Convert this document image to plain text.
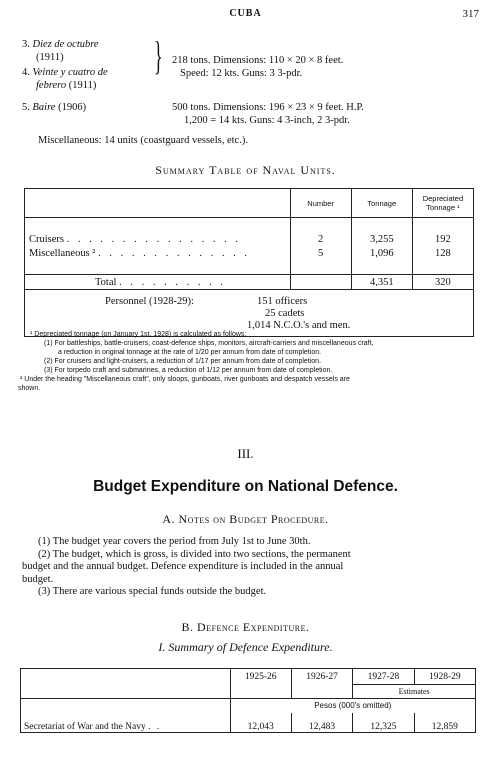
CUBA	317
3. Diez de octubre
(1911)
4. Veinte y cuatro de
febrero (1911)
} 218 tons. Dimensions: 110 × 20 × 8 feet.
Speed: 12 kts. Guns: 3 3-pdr.
5. Baire (1906)	500 tons. Dimensions: 196 × 23 × 9 feet. H.P.
1,200 = 14 kts. Guns: 4 3-inch, 2 3-pdr.
Miscellaneous: 14 units (coastguard vessels, etc.).
Summary Table of Naval Units.
	Number	Tonnage	Depreciated Tonnage ¹

Cruisers . . . . . . . . . . . . . . . .	2	3,255	192
Miscellaneous ² . . . . . . . . . . . . . .	5	1,096	128

Total . . . . . . . . . .		4,351	320

Personnel (1928-29): 151 officers
25 cadets
1,014 N.C.O.'s and men.			
¹ Depreciated tonnage (on January 1st, 1928) is calculated as follows:
(1) For battleships, battle-cruisers, coast-defence ships, monitors, aircraft-carriers and miscellaneous craft,
a reduction in original tonnage at the rate of 1/20 per annum from date of completion.
(2) For cruisers and light-cruisers, a reduction of 1/17 per annum from date of completion.
(3) For torpedo craft and submarines, a reduction of 1/12 per annum from date of completion.
² Under the heading "Miscellaneous craft", only sloops, gunboats, river gunboats and despatch vessels are
shown.
III.
Budget Expenditure on National Defence.
A. Notes on Budget Procedure.
(1) The budget year covers the period from July 1st to June 30th.
(2) The budget, which is gross, is divided into two sections, the permanent
budget and the annual budget. Defence expenditure is included in the annual
budget.
(3) There are various special funds outside the budget.
B. Defence Expenditure.
I. Summary of Defence Expenditure.
	1925-26	1926-27	1927-28	1928-29
			Estimates	
	Pesos (000's omitted)			
Secretariat of War and the Navy . .	12,043	12,483	12,325	12,859
